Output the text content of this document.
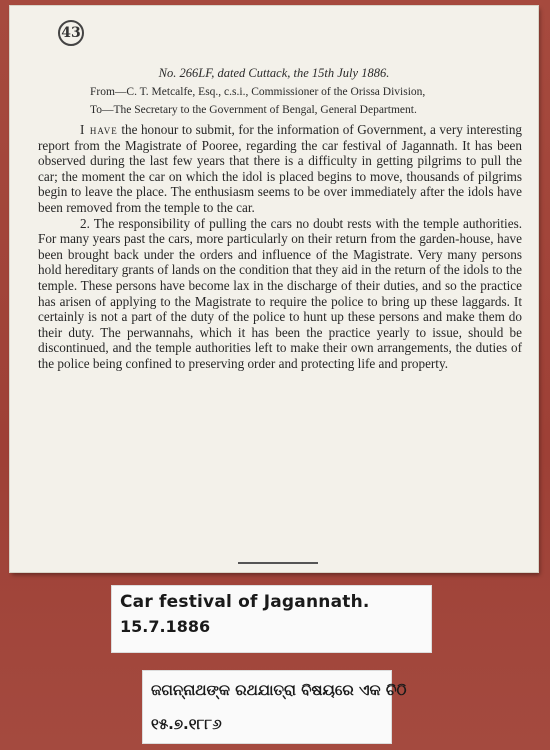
43
No. 266LF, dated Cuttack, the 15th July 1886.
From—C. T. Metcalfe, Esq., c.s.i., Commissioner of the Orissa Division,
To—The Secretary to the Government of Bengal, General Department.

I have the honour to submit, for the information of Government, a very interesting report from the Magistrate of Pooree, regarding the car festival of Jagannath. It has been observed during the last few years that there is a difficulty in getting pilgrims to pull the car; the moment the car on which the idol is placed begins to move, thousands of pilgrims begin to leave the place. The enthusiasm seems to be over immediately after the idols have been removed from the temple to the car.

2. The responsibility of pulling the cars no doubt rests with the temple authorities. For many years past the cars, more particularly on their return from the garden-house, have been brought back under the orders and influence of the Magistrate. Very many persons hold hereditary grants of lands on the condition that they aid in the return of the idols to the temple. These persons have become lax in the discharge of their duties, and so the practice has arisen of applying to the Magistrate to require the police to bring up these laggards. It certainly is not a part of the duty of the police to hunt up these persons and make them do their duty. The perwannahs, which it has been the practice yearly to issue, should be discontinued, and the temple authorities left to make their own arrangements, the duties of the police being confined to preserving order and protecting life and property.

Car festival of Jagannath.
15.7.1886
ଜଗନ୍ନାଥଙ୍କ ରଥଯାତ୍ରା ବିଷୟରେ ଏକ ଚିଠି
୧୫.୭.୧୮୮୬
